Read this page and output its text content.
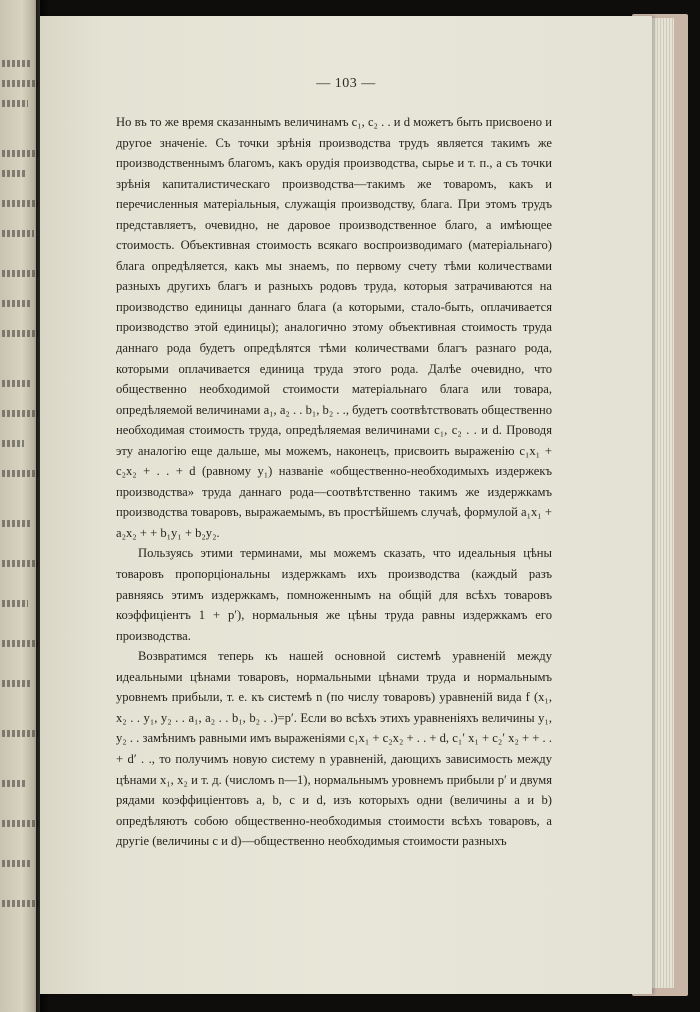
— 103 —

Но въ то же время сказаннымъ величинамъ c₁, c₂ . . и d можетъ быть присвоено и другое значеніе. Съ точки зрѣнія производства трудъ является такимъ же производственнымъ благомъ, какъ орудія производства, сырье и т. п., а съ точки зрѣнія капиталистическаго производства—такимъ же товаромъ, какъ и перечисленныя матеріальныя, служащія производству, блага. При этомъ трудъ представляетъ, очевидно, не даровое производственное благо, а имѣющее стоимость. Объективная стоимость всякаго воспроизводимаго (матеріальнаго) блага опредѣляется, какъ мы знаемъ, по первому счету тѣми количествами разныхъ другихъ благъ и разныхъ родовъ труда, которыя затрачиваются на производство единицы даннаго блага (а которыми, стало-быть, оплачивается производство этой единицы); аналогично этому объективная стоимость труда даннаго рода будетъ опредѣлятся тѣми количествами благъ разнаго рода, которыми оплачивается единица труда этого рода. Далѣе очевидно, что общественно необходимой стоимости матеріальнаго блага или товара, опредѣляемой величинами a₁, a₂ . . b₁, b₂ . ., будетъ соотвѣтствовать общественно необходимая стоимость труда, опредѣляемая величинами c₁, c₂ . . и d. Проводя эту аналогію еще дальше, мы можемъ, наконецъ, присвоить выраженію c₁x₁ + c₂x₂ + . . + d (равному y₁) названіе «общественно-необходимыхъ издержекъ производства» труда даннаго рода—соотвѣтственно такимъ же издержкамъ производства товаровъ, выражаемымъ, въ простѣйшемъ случаѣ, формулой a₁x₁ + a₂x₂ + + b₁y₁ + b₂y₂.

Пользуясь этими терминами, мы можемъ сказать, что идеальныя цѣны товаровъ пропорціональны издержкамъ ихъ производства (каждый разъ равняясь этимъ издержкамъ, помноженнымъ на общій для всѣхъ товаровъ коэффиціентъ 1 + p′), нормальныя же цѣны труда равны издержкамъ его производства.

Возвратимся теперь къ нашей основной системѣ уравненій между идеальными цѣнами товаровъ, нормальными цѣнами труда и нормальнымъ уровнемъ прибыли, т. е. къ системѣ n (по числу товаровъ) уравненій вида f (x₁, x₂ . . y₁, y₂ . . a₁, a₂ . . b₁, b₂ . .)=p′. Если во всѣхъ этихъ уравненіяхъ величины y₁, y₂ . . замѣнимъ равными имъ выраженіями c₁x₁ + c₂x₂ + . . + d, c₁′ x₁ + c₂′ x₂ + + . . + d′ . ., то получимъ новую систему n уравненій, дающихъ зависимость между цѣнами x₁, x₂ и т. д. (числомъ n—1), нормальнымъ уровнемъ прибыли p′ и двумя рядами коэффиціентовъ a, b, c и d, изъ которыхъ одни (величины a и b) опредѣляютъ собою общественно-необходимыя стоимости всѣхъ товаровъ, а другіе (величины c и d)—общественно необходимыя стоимости разныхъ
